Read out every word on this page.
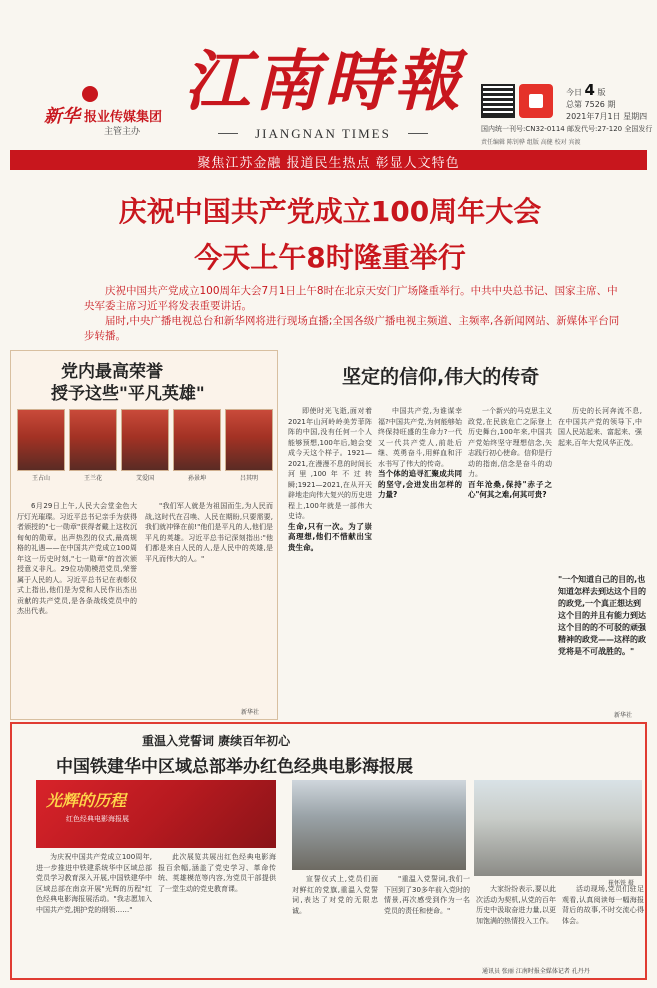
新华 报业传媒集团
主管主办
江南時報
JIANGNAN TIMES
今日 4 版
总第 7526 期
2021年7月1日 星期四
国内统一刊号:CN32-0114 邮发代号:27-120 全国发行
责任编辑 陈钊骅 组版 高健 校对 宾渡
聚焦江苏金融 报道民生热点 彰显人文特色
庆祝中国共产党成立100周年大会
今天上午8时隆重举行

庆祝中国共产党成立100周年大会7月1日上午8时在北京天安门广场隆重举行。中共中央总书记、国家主席、中央军委主席习近平将发表重要讲话。

届时,中央广播电视总台和新华网将进行现场直播;全国各级广播电视主频道、主频率,各新闻网站、新媒体平台同步转播。

党内最高荣誉
授予这些"平凡英雄"
王占山	王兰花	艾爱国	孙景坤	吕其明
6月29日上午,人民大会堂金色大厅灯光璀璨。习近平总书记亲手为获得者颁授的"七一勋章"获得者戴上这枚沉甸甸的勋章。出声热烈的仪式,最高规格的礼遇——在中国共产党成立100周年这一历史时刻,"七一勋章"的首次颁授意义非凡。29位功勋模范党员,荣誉属于人民的人。习近平总书记在表彰仪式上指出,他们是为党和人民作出杰出贡献的共产党员,是各条战线党员中的杰出代表。
"我们军人就是为祖国而生,为人民而战,这时代在召唤、人民在期盼,只要需要,我们就冲锋在前!"他们是平凡的人,他们是平凡的英雄。习近平总书记深刻指出:"他们都是来自人民的人,是人民中的英雄,是平凡而伟大的人。"
新华社
坚定的信仰,伟大的传奇
即使时光飞逝,面对着2021年山河岭岭美芳菲阵阵的中国,没有任何一个人能够预想,100年后,她会变成今天这个样子。1921—2021,在漫漫不息的时间长河里,100年不过转瞬;1921—2021,在从开天辟地走向伟大复兴的历史进程上,100年就是一部伟大史诗。
生命,只有一次。为了崇高理想,他们不惜献出宝贵生命。
中国共产党,为谁谋幸福?中国共产党,为何能够始终保持旺盛的生命力?一代又一代共产党人,前赴后继、英勇奋斗,用鲜血和汗水书写了伟大的传奇。
当个体的追寻汇聚成共同的坚守,会迸发出怎样的力量?
一个新兴的马克思主义政党,在民族危亡之际登上历史舞台,100年来,中国共产党始终坚守理想信念,矢志践行初心使命。信仰是行动的指南,信念是奋斗的动力。
百年沧桑,保持"赤子之心"何其之难,何其可贵?
历史的长河奔流不息,在中国共产党的领导下,中国人民站起来、富起来、强起来,百年大党风华正茂。
"一个知道自己的目的,也知道怎样去到达这个目的的政党,一个真正想达到这个目的并且有能力到达这个目的的不可驳的顽强精神的政党——这样的政党将是不可战胜的。"
新华社
重温入党誓词 赓续百年初心
中国铁建华中区域总部举办红色经典电影海报展
光辉的历程
红色经典电影海报展
崔怀铁 摄
为庆祝中国共产党成立100周年,进一步推进中铁建系统华中区域总部党员学习教育深入开展,中国铁建华中区域总部在南京开展"光辉的历程"红色经典电影海报展活动。"我志愿加入中国共产党,拥护党的纲领……"
此次展览共展出红色经典电影海报百余幅,涵盖了党史学习、革命传统、英雄模范等内容,为党员干部提供了一堂生动的党史教育课。
宣誓仪式上,党员们面对鲜红的党旗,重温入党誓词,表达了对党的无限忠诚。
"重温入党誓词,我们一下回到了30多年前入党时的情景,再次感受到作为一名党员的责任和使命。"
大家纷纷表示,要以此次活动为契机,从党的百年历史中汲取奋进力量,以更加饱满的热情投入工作。
活动现场,党员们驻足观看,认真阅读每一幅海报背后的故事,不时交流心得体会。
通讯员 张丽 江南时报全媒体记者 孔丹丹
